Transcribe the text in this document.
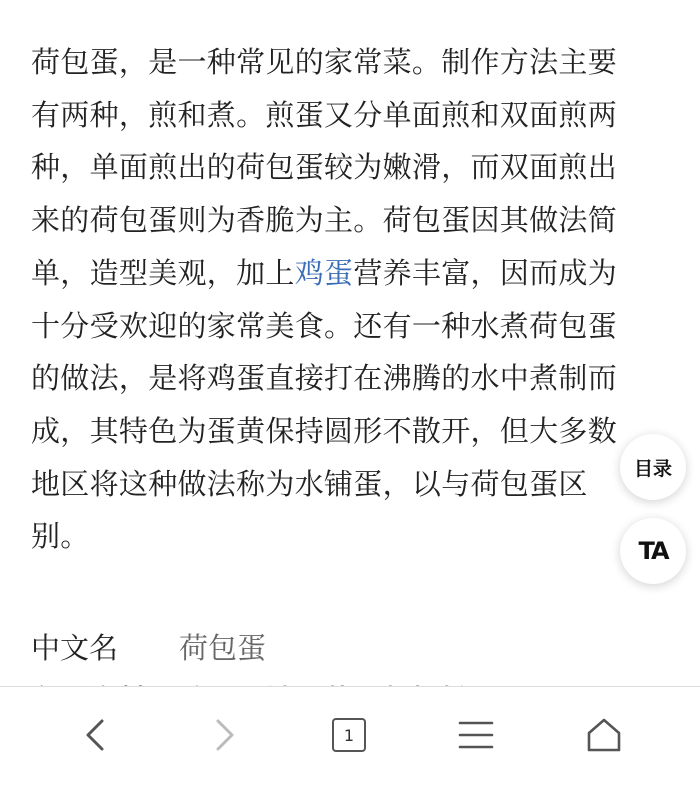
荷包蛋，是一种常见的家常菜。制作方法主要有两种，煎和煮。煎蛋又分单面煎和双面煎两种，单面煎出的荷包蛋较为嫩滑，而双面煎出来的荷包蛋则为香脆为主。荷包蛋因其做法简单，造型美观，加上鸡蛋营养丰富，因而成为十分受欢迎的家常美食。还有一种水煮荷包蛋的做法，是将鸡蛋直接打在沸腾的水中煮制而成，其特色为蛋黄保持圆形不散开，但大多数地区将这种做法称为水铺蛋，以与荷包蛋区别。

中文名	荷包蛋
目录
TA
1
